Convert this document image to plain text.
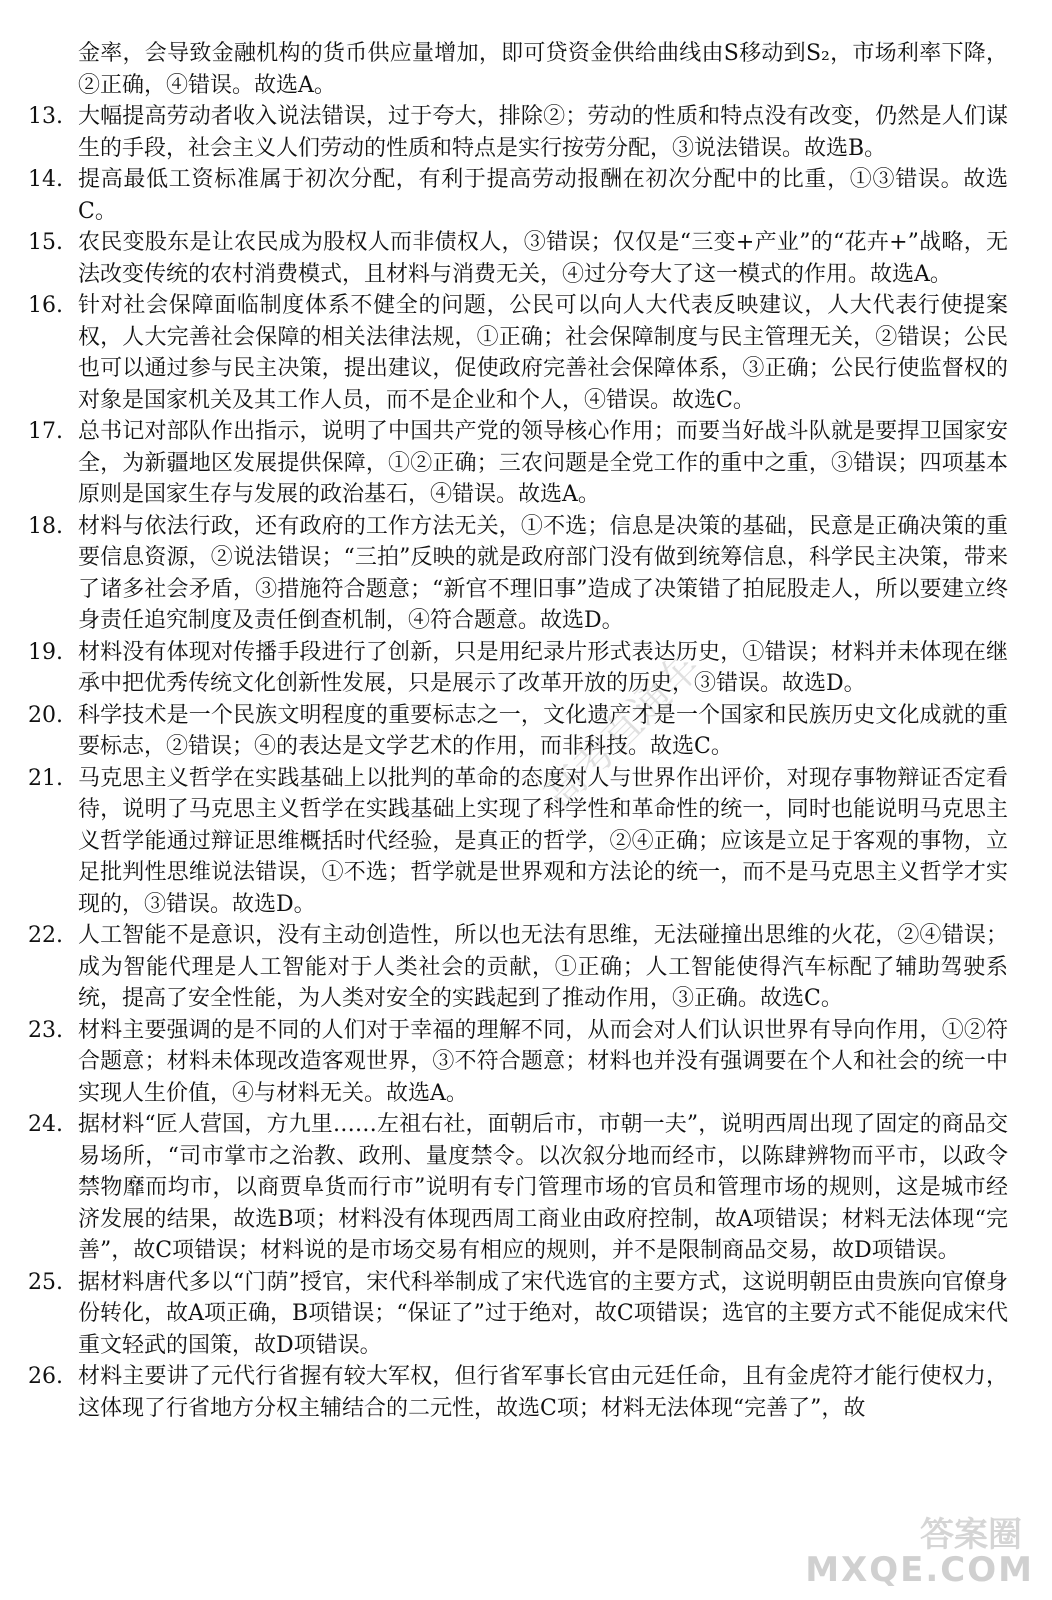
金率，会导致金融机构的货币供应量增加，即可贷资金供给曲线由S移动到S₂，市场利率下降，②正确，④错误。故选A。

13. 大幅提高劳动者收入说法错误，过于夸大，排除②；劳动的性质和特点没有改变，仍然是人们谋生的手段，社会主义人们劳动的性质和特点是实行按劳分配，③说法错误。故选B。
14. 提高最低工资标准属于初次分配，有利于提高劳动报酬在初次分配中的比重，①③错误。故选C。
15. 农民变股东是让农民成为股权人而非债权人，③错误；仅仅是“三变+产业”的“花卉+”战略，无法改变传统的农村消费模式，且材料与消费无关，④过分夸大了这一模式的作用。故选A。
16. 针对社会保障面临制度体系不健全的问题，公民可以向人大代表反映建议，人大代表行使提案权，人大完善社会保障的相关法律法规，①正确；社会保障制度与民主管理无关，②错误；公民也可以通过参与民主决策，提出建议，促使政府完善社会保障体系，③正确；公民行使监督权的对象是国家机关及其工作人员，而不是企业和个人，④错误。故选C。
17. 总书记对部队作出指示，说明了中国共产党的领导核心作用；而要当好战斗队就是要捍卫国家安全，为新疆地区发展提供保障，①②正确；三农问题是全党工作的重中之重，③错误；四项基本原则是国家生存与发展的政治基石，④错误。故选A。
18. 材料与依法行政，还有政府的工作方法无关，①不选；信息是决策的基础，民意是正确决策的重要信息资源，②说法错误；“三拍”反映的就是政府部门没有做到统筹信息，科学民主决策，带来了诸多社会矛盾，③措施符合题意；“新官不理旧事”造成了决策错了拍屁股走人，所以要建立终身责任追究制度及责任倒查机制，④符合题意。故选D。
19. 材料没有体现对传播手段进行了创新，只是用纪录片形式表达历史，①错误；材料并未体现在继承中把优秀传统文化创新性发展，只是展示了改革开放的历史，③错误。故选D。
20. 科学技术是一个民族文明程度的重要标志之一，文化遗产才是一个国家和民族历史文化成就的重要标志，②错误；④的表达是文学艺术的作用，而非科技。故选C。
21. 马克思主义哲学在实践基础上以批判的革命的态度对人与世界作出评价，对现存事物辩证否定看待，说明了马克思主义哲学在实践基础上实现了科学性和革命性的统一，同时也能说明马克思主义哲学能通过辩证思维概括时代经验，是真正的哲学，②④正确；应该是立足于客观的事物，立足批判性思维说法错误，①不选；哲学就是世界观和方法论的统一，而不是马克思主义哲学才实现的，③错误。故选D。
22. 人工智能不是意识，没有主动创造性，所以也无法有思维，无法碰撞出思维的火花，②④错误；成为智能代理是人工智能对于人类社会的贡献，①正确；人工智能使得汽车标配了辅助驾驶系统，提高了安全性能，为人类对安全的实践起到了推动作用，③正确。故选C。
23. 材料主要强调的是不同的人们对于幸福的理解不同，从而会对人们认识世界有导向作用，①②符合题意；材料未体现改造客观世界，③不符合题意；材料也并没有强调要在个人和社会的统一中实现人生价值，④与材料无关。故选A。
24. 据材料“匠人营国，方九里……左祖右社，面朝后市，市朝一夫”，说明西周出现了固定的商品交易场所，“司市掌市之治教、政刑、量度禁令。以次叙分地而经市，以陈肆辨物而平市，以政令禁物靡而均市，以商贾阜货而行市”说明有专门管理市场的官员和管理市场的规则，这是城市经济发展的结果，故选B项；材料没有体现西周工商业由政府控制，故A项错误；材料无法体现“完善”，故C项错误；材料说的是市场交易有相应的规则，并不是限制商品交易，故D项错误。
25. 据材料唐代多以“门荫”授官，宋代科举制成了宋代选官的主要方式，这说明朝臣由贵族向官僚身份转化，故A项正确，B项错误；“保证了”过于绝对，故C项错误；选官的主要方式不能促成宋代重文轻武的国策，故D项错误。
26. 材料主要讲了元代行省握有较大军权，但行省军事长官由元廷任命，且有金虎符才能行使权力，这体现了行省地方分权主辅结合的二元性，故选C项；材料无法体现“完善了”，故
高考直通车
答案圈
MXQE.COM
